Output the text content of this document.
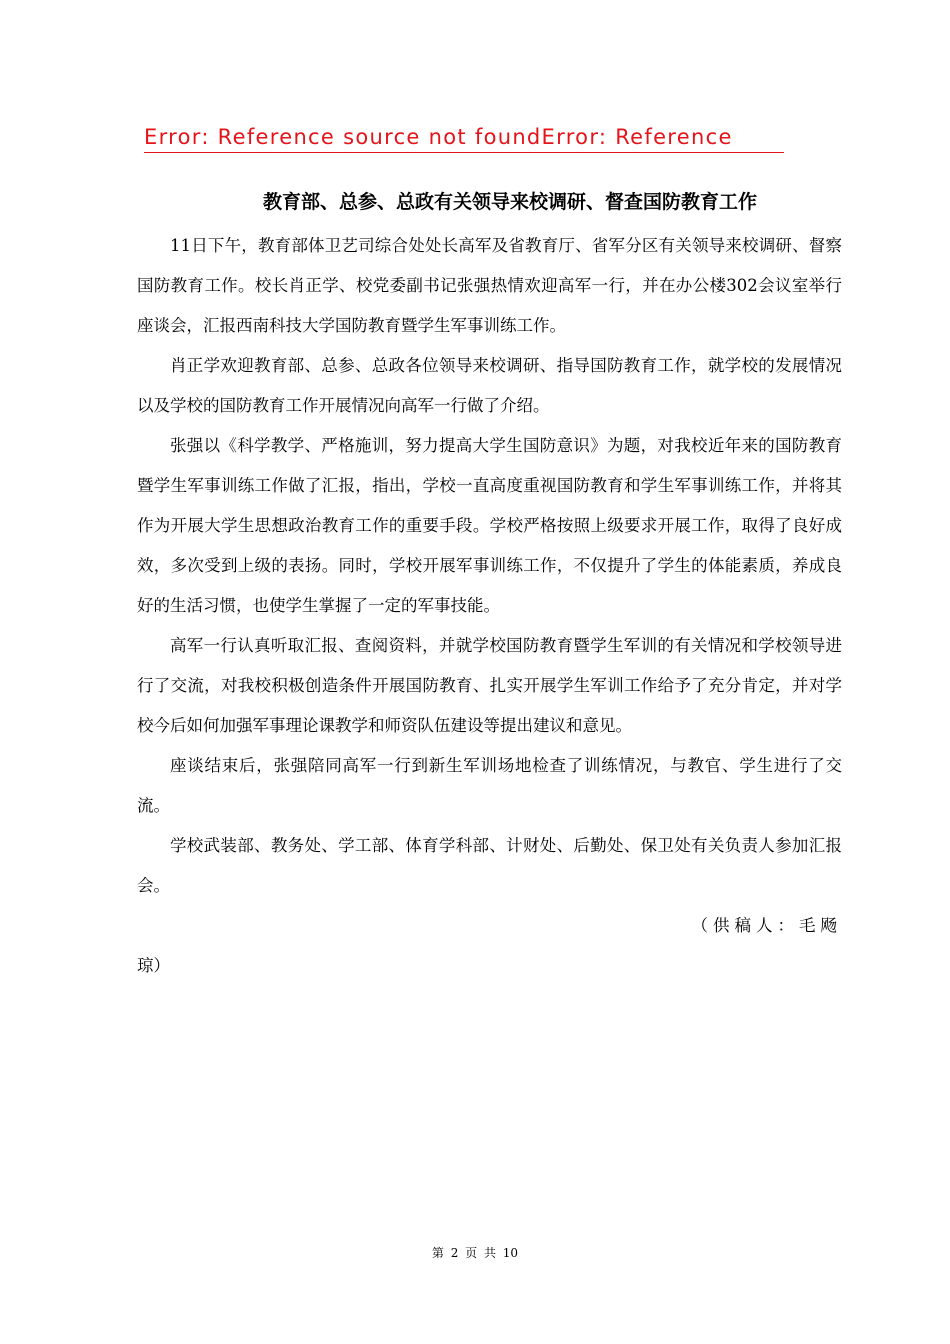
Error: Reference source not foundError: Reference
教育部、总参、总政有关领导来校调研、督查国防教育工作

11日下午，教育部体卫艺司综合处处长高军及省教育厅、省军分区有关领导来校调研、督察国防教育工作。校长肖正学、校党委副书记张强热情欢迎高军一行，并在办公楼302会议室举行座谈会，汇报西南科技大学国防教育暨学生军事训练工作。

肖正学欢迎教育部、总参、总政各位领导来校调研、指导国防教育工作，就学校的发展情况以及学校的国防教育工作开展情况向高军一行做了介绍。

张强以《科学教学、严格施训，努力提高大学生国防意识》为题，对我校近年来的国防教育暨学生军事训练工作做了汇报，指出，学校一直高度重视国防教育和学生军事训练工作，并将其作为开展大学生思想政治教育工作的重要手段。学校严格按照上级要求开展工作，取得了良好成效，多次受到上级的表扬。同时，学校开展军事训练工作，不仅提升了学生的体能素质，养成良好的生活习惯，也使学生掌握了一定的军事技能。

高军一行认真听取汇报、查阅资料，并就学校国防教育暨学生军训的有关情况和学校领导进行了交流，对我校积极创造条件开展国防教育、扎实开展学生军训工作给予了充分肯定，并对学校今后如何加强军事理论课教学和师资队伍建设等提出建议和意见。

座谈结束后，张强陪同高军一行到新生军训场地检查了训练情况，与教官、学生进行了交流。

学校武装部、教务处、学工部、体育学科部、计财处、后勤处、保卫处有关负责人参加汇报会。

（供稿人：毛飏
琼）

第 2 页 共 10
